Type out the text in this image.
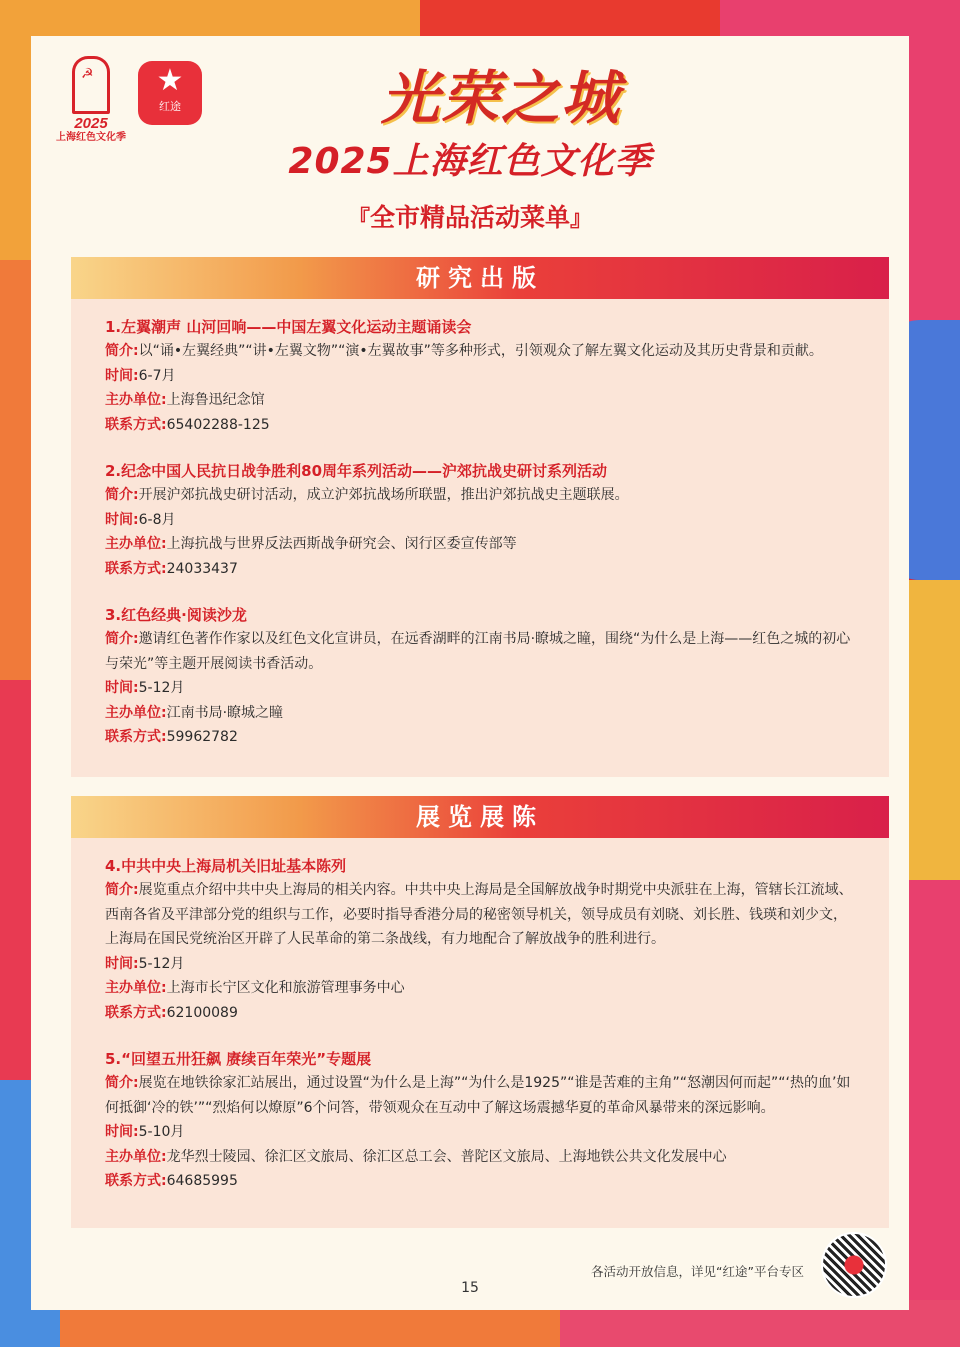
☭
2025
上海红色文化季
★
红途	光荣之城
2025上海红色文化季
『全市精品活动菜单』
研究出版
1.左翼潮声 山河回响——中国左翼文化运动主题诵读会
简介:以“诵•左翼经典”“讲•左翼文物”“演•左翼故事”等多种形式，引领观众了解左翼文化运动及其历史背景和贡献。
时间:6-7月
主办单位:上海鲁迅纪念馆
联系方式:65402288-125
2.纪念中国人民抗日战争胜利80周年系列活动——沪郊抗战史研讨系列活动
简介:开展沪郊抗战史研讨活动，成立沪郊抗战场所联盟，推出沪郊抗战史主题联展。
时间:6-8月
主办单位:上海抗战与世界反法西斯战争研究会、闵行区委宣传部等
联系方式:24033437
3.红色经典·阅读沙龙
简介:邀请红色著作作家以及红色文化宣讲员，在远香湖畔的江南书局·瞭城之瞳，围绕“为什么是上海——红色之城的初心与荣光”等主题开展阅读书香活动。
时间:5-12月
主办单位:江南书局·瞭城之瞳
联系方式:59962782
展览展陈
4.中共中央上海局机关旧址基本陈列
简介:展览重点介绍中共中央上海局的相关内容。中共中央上海局是全国解放战争时期党中央派驻在上海，管辖长江流域、西南各省及平津部分党的组织与工作，必要时指导香港分局的秘密领导机关，领导成员有刘晓、刘长胜、钱瑛和刘少文，上海局在国民党统治区开辟了人民革命的第二条战线，有力地配合了解放战争的胜利进行。
时间:5-12月
主办单位:上海市长宁区文化和旅游管理事务中心
联系方式:62100089
5.“回望五卅狂飙 赓续百年荣光”专题展
简介:展览在地铁徐家汇站展出，通过设置“为什么是上海”“为什么是1925”“谁是苦难的主角”“怒潮因何而起”“‘热的血’如何抵御‘冷的铁’”“烈焰何以燎原”6个问答，带领观众在互动中了解这场震撼华夏的革命风暴带来的深远影响。
时间:5-10月
主办单位:龙华烈士陵园、徐汇区文旅局、徐汇区总工会、普陀区文旅局、上海地铁公共文化发展中心
联系方式:64685995
各活动开放信息，详见“红途”平台专区
15
